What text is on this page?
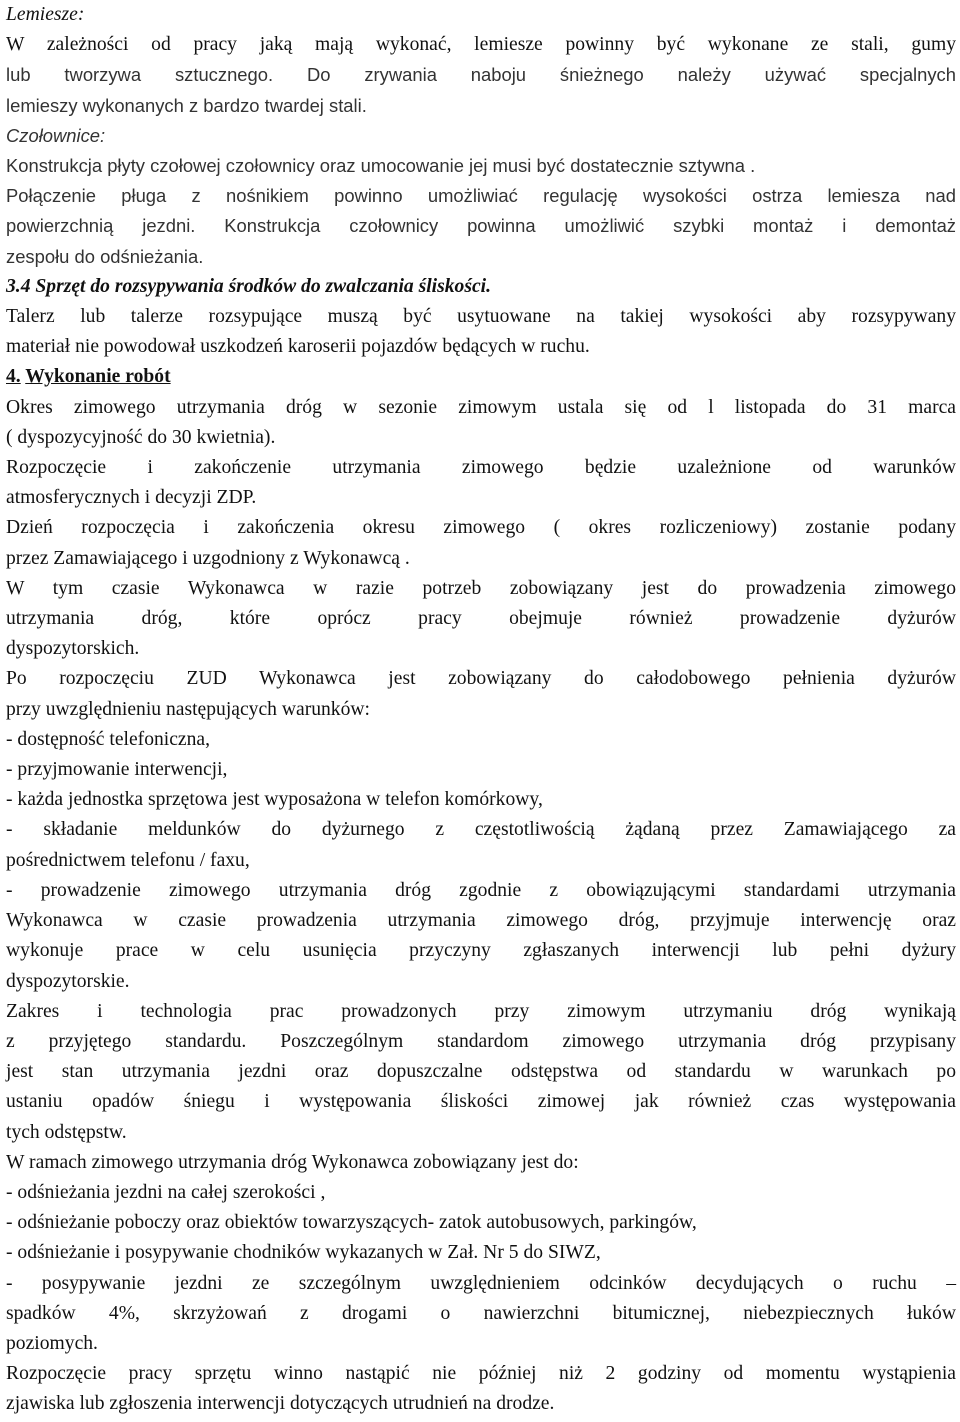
Lemiesze:
W zależności od pracy jaką mają wykonać, lemiesze powinny być wykonane ze stali, gumy
lub tworzywa sztucznego. Do zrywania naboju śnieżnego należy używać specjalnych
lemieszy wykonanych z bardzo twardej stali.
Czołownice:
Konstrukcja płyty czołowej czołownicy oraz umocowanie jej musi być dostatecznie sztywna .
Połączenie pługa z nośnikiem powinno umożliwiać regulację wysokości ostrza lemiesza nad
powierzchnią jezdni. Konstrukcja czołownicy powinna umożliwić szybki montaż i demontaż
zespołu do odśnieżania.
3.4 Sprzęt do rozsypywania środków do zwalczania śliskości.
Talerz lub talerze rozsypujące muszą być usytuowane na takiej wysokości aby rozsypywany
materiał nie powodował uszkodzeń karoserii pojazdów będących w ruchu.
4. Wykonanie robót
Okres zimowego utrzymania dróg w sezonie zimowym ustala się od l listopada do 31 marca
( dyspozycyjność do 30 kwietnia).
Rozpoczęcie i zakończenie utrzymania zimowego będzie uzależnione od warunków
atmosferycznych i decyzji ZDP.
Dzień rozpoczęcia i zakończenia okresu zimowego ( okres rozliczeniowy) zostanie podany
przez Zamawiającego i uzgodniony z Wykonawcą .
W tym czasie Wykonawca w razie potrzeb zobowiązany jest do prowadzenia zimowego
utrzymania dróg, które oprócz pracy obejmuje również prowadzenie dyżurów
dyspozytorskich.
Po rozpoczęciu ZUD Wykonawca jest zobowiązany do całodobowego pełnienia dyżurów
przy uwzględnieniu następujących warunków:
- dostępność telefoniczna,
- przyjmowanie interwencji,
- każda jednostka sprzętowa jest wyposażona w telefon komórkowy,
- składanie meldunków do dyżurnego z częstotliwością żądaną przez Zamawiającego za
pośrednictwem telefonu / faxu,
- prowadzenie zimowego utrzymania dróg zgodnie z obowiązującymi standardami utrzymania
Wykonawca w czasie prowadzenia utrzymania zimowego dróg, przyjmuje interwencję oraz
wykonuje prace w celu usunięcia przyczyny zgłaszanych interwencji lub pełni dyżury
dyspozytorskie.
Zakres i technologia prac prowadzonych przy zimowym utrzymaniu dróg wynikają
z przyjętego standardu. Poszczególnym standardom zimowego utrzymania dróg przypisany
jest stan utrzymania jezdni oraz dopuszczalne odstępstwa od standardu w warunkach po
ustaniu opadów śniegu i występowania śliskości zimowej jak również czas występowania
tych odstępstw.
W ramach zimowego utrzymania dróg Wykonawca zobowiązany jest do:
- odśnieżania jezdni na całej szerokości ,
- odśnieżanie poboczy oraz obiektów towarzyszących- zatok autobusowych, parkingów,
- odśnieżanie i posypywanie chodników wykazanych w Zał. Nr 5 do SIWZ,
- posypywanie jezdni ze szczególnym uwzględnieniem odcinków decydujących o ruchu –
spadków 4%, skrzyżowań z drogami o nawierzchni bitumicznej, niebezpiecznych łuków
poziomych.
Rozpoczęcie pracy sprzętu winno nastąpić nie później niż 2 godziny od momentu wystąpienia
zjawiska lub zgłoszenia interwencji dotyczących utrudnień na drodze.
